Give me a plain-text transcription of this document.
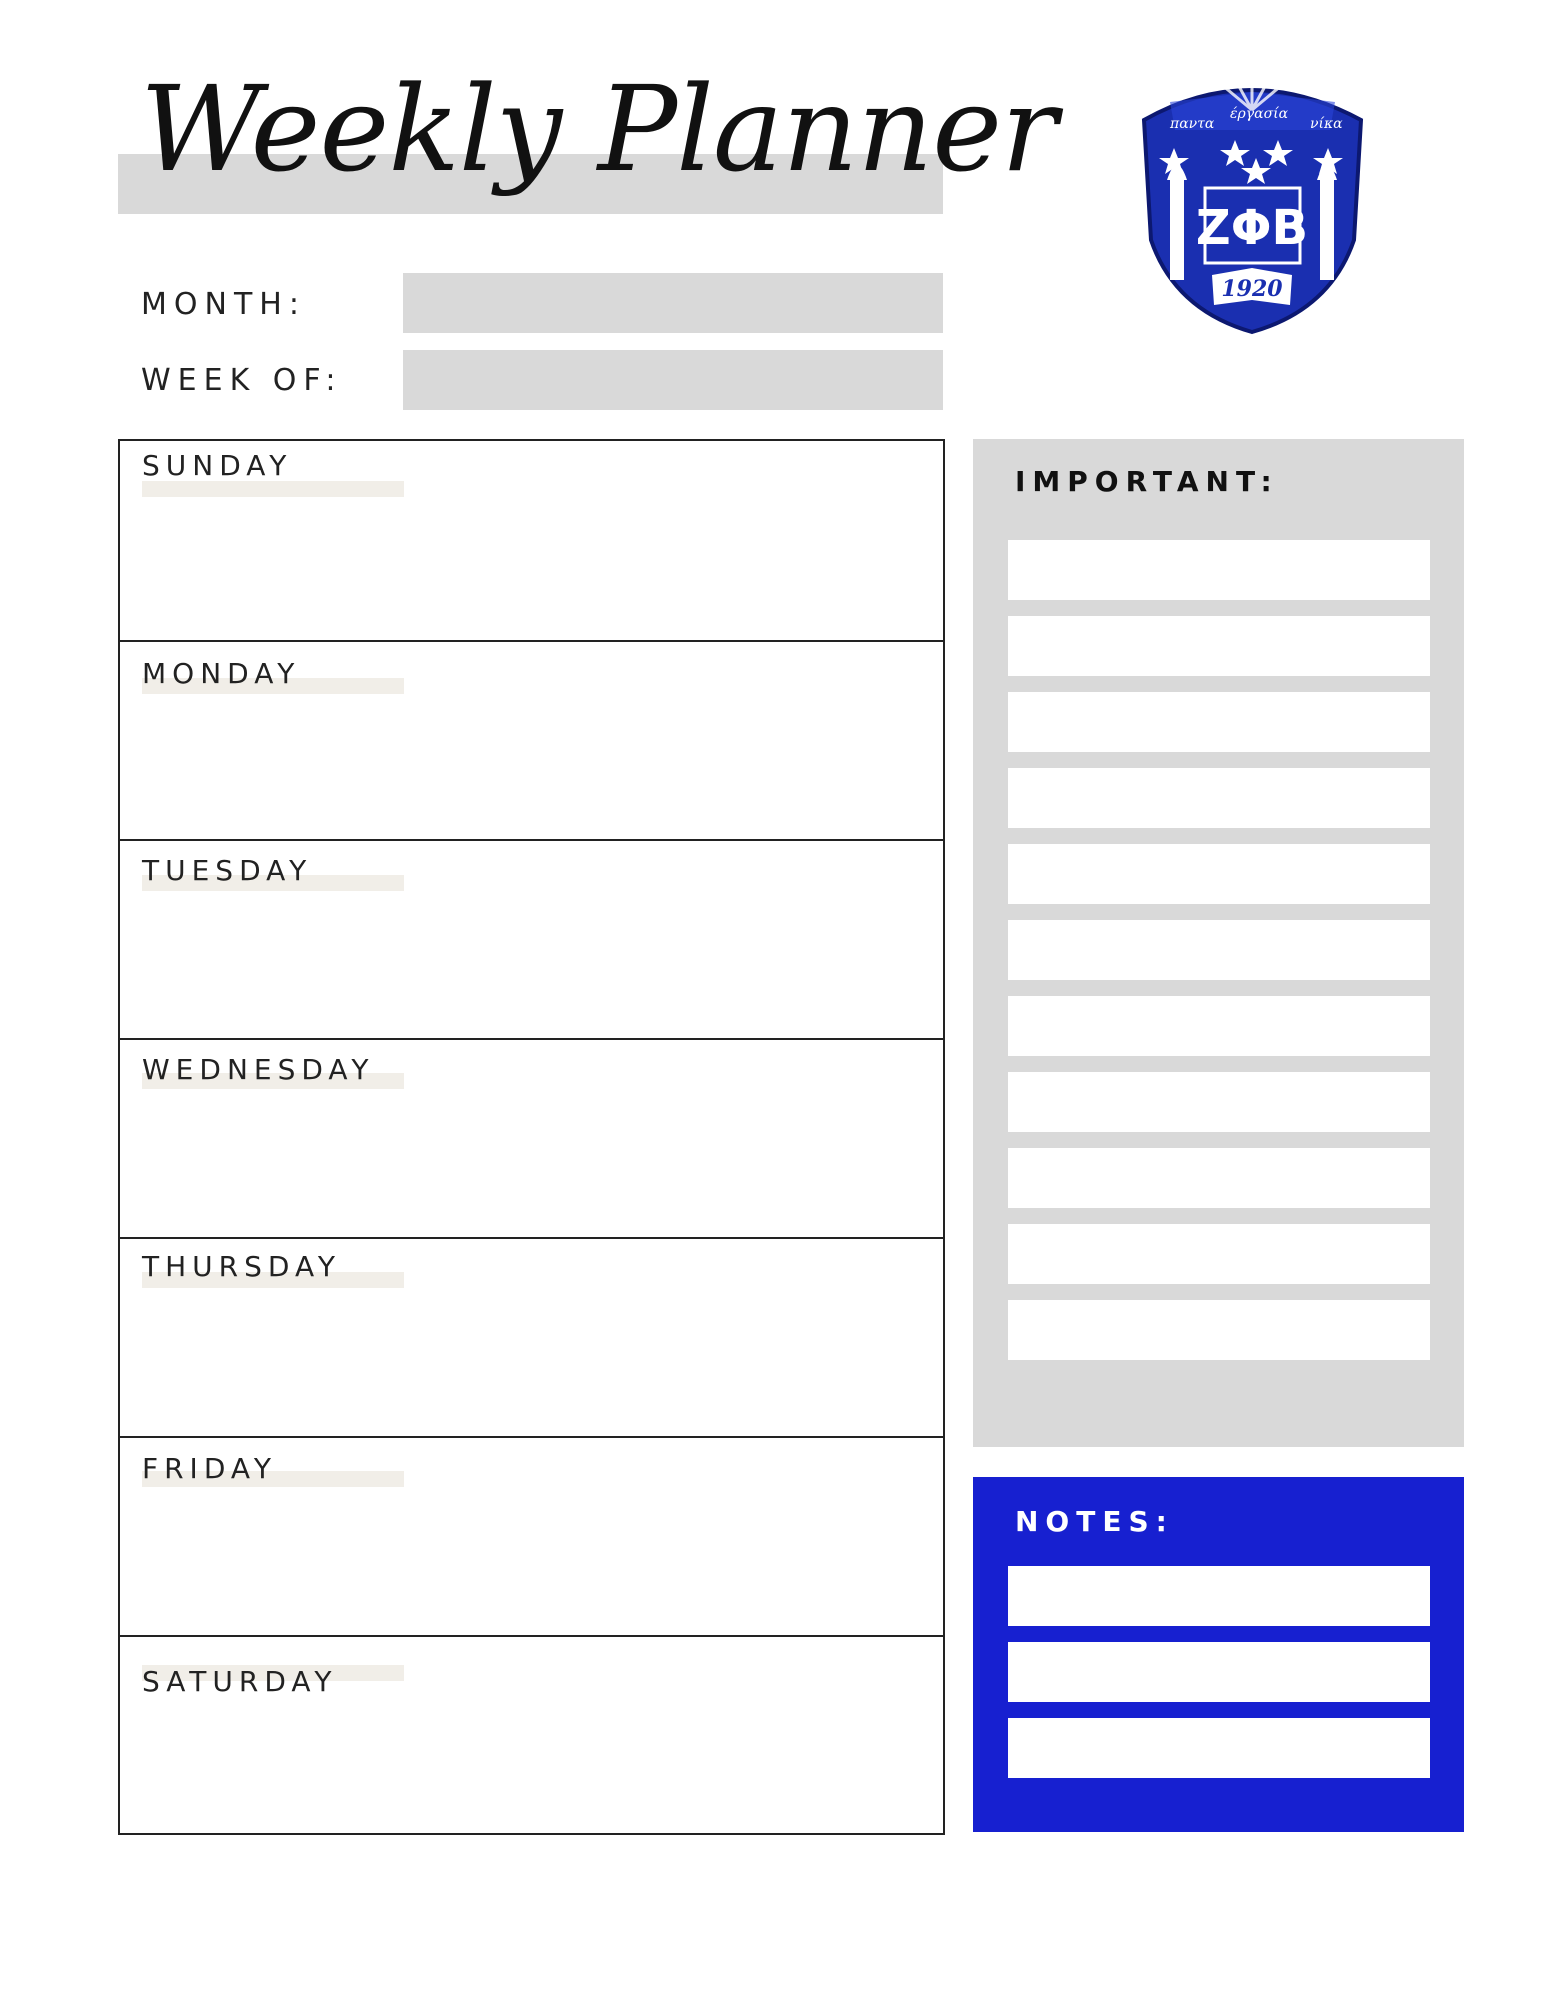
Weekly Planner	παντα
έργασία
νίκα
ΖΦΒ
1920
MONTH:
WEEK OF:
SUNDAY
MONDAY
TUESDAY
WEDNESDAY
THURSDAY
FRIDAY
SATURDAY
IMPORTANT:
NOTES:
